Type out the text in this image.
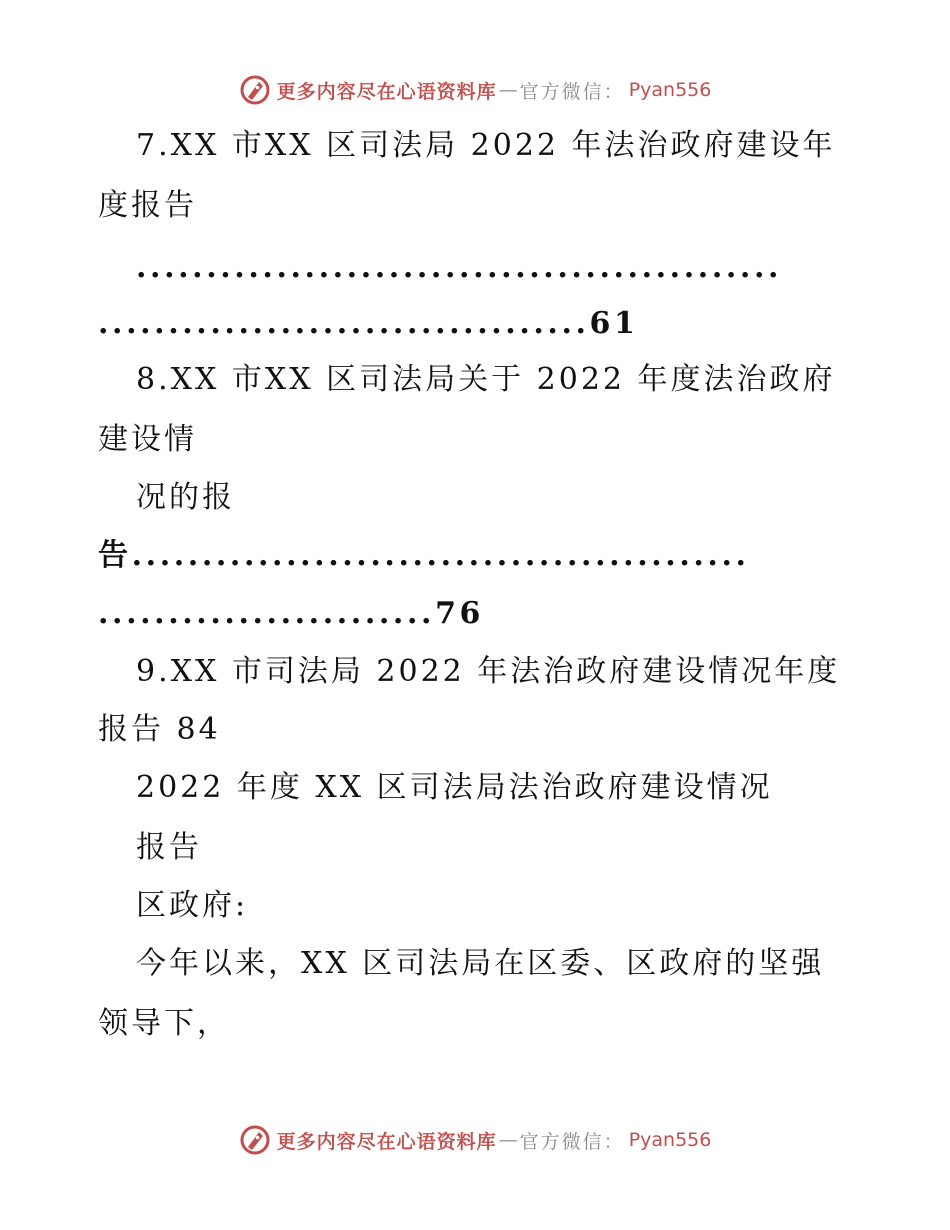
更多内容尽在心语资料库 — 官方微信： Pyan556
7.XX 市XX 区司法局 2022 年法治政府建设年
度报告
..............................................
...................................61
8.XX 市XX 区司法局关于 2022 年度法治政府
建设情
况的报
告............................................
........................76
9.XX 市司法局 2022 年法治政府建设情况年度
报告 84
2022 年度 XX 区司法局法治政府建设情况
报告
区政府:
今年以来，XX 区司法局在区委、区政府的坚强
领导下，
更多内容尽在心语资料库 — 官方微信： Pyan556
